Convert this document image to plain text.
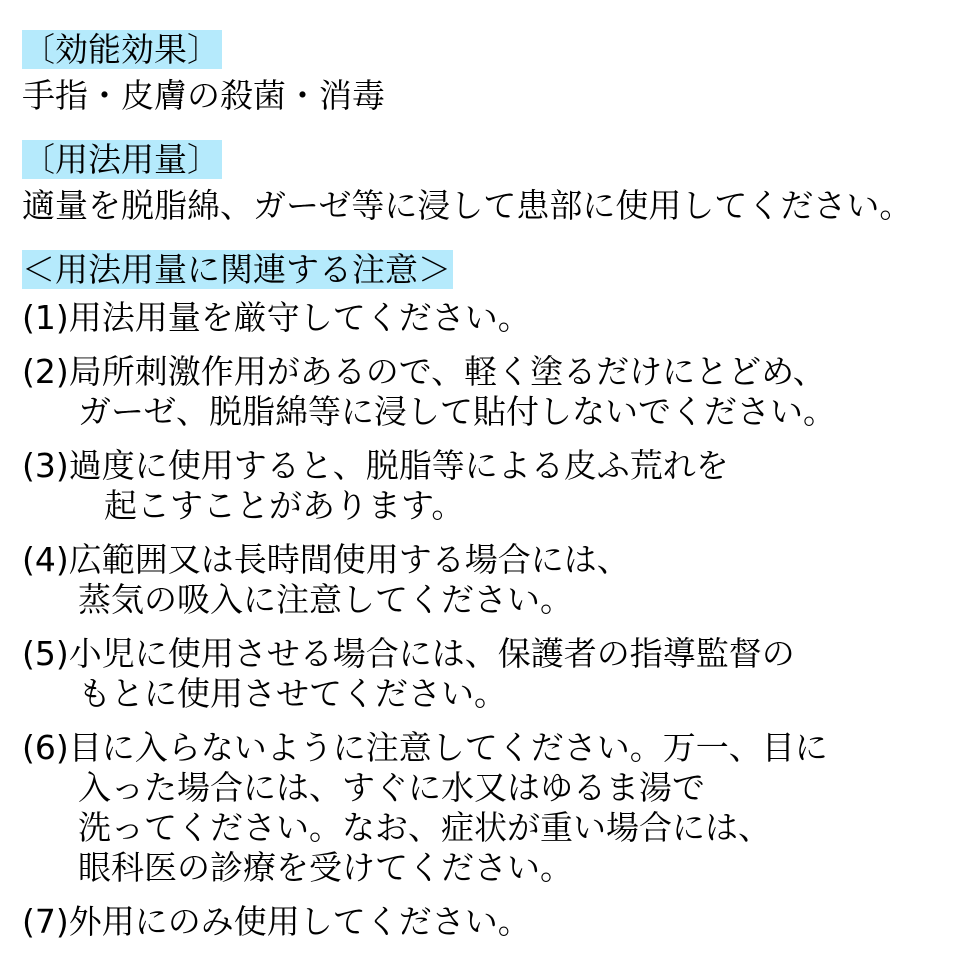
〔効能効果〕
手指・皮膚の殺菌・消毒
〔用法用量〕
適量を脱脂綿、ガーゼ等に浸して患部に使用してください。
＜用法用量に関連する注意＞
(1)用法用量を厳守してください。
(2)局所刺激作用があるので、軽く塗るだけにとどめ、
ガーゼ、脱脂綿等に浸して貼付しないでください。
(3)過度に使用すると、脱脂等による皮ふ荒れを
起こすことがあります。
(4)広範囲又は長時間使用する場合には、
蒸気の吸入に注意してください。
(5)小児に使用させる場合には、保護者の指導監督の
もとに使用させてください。
(6)目に入らないように注意してください。万一、目に
入った場合には、すぐに水又はゆるま湯で
洗ってください。なお、症状が重い場合には、
眼科医の診療を受けてください。
(7)外用にのみ使用してください。
